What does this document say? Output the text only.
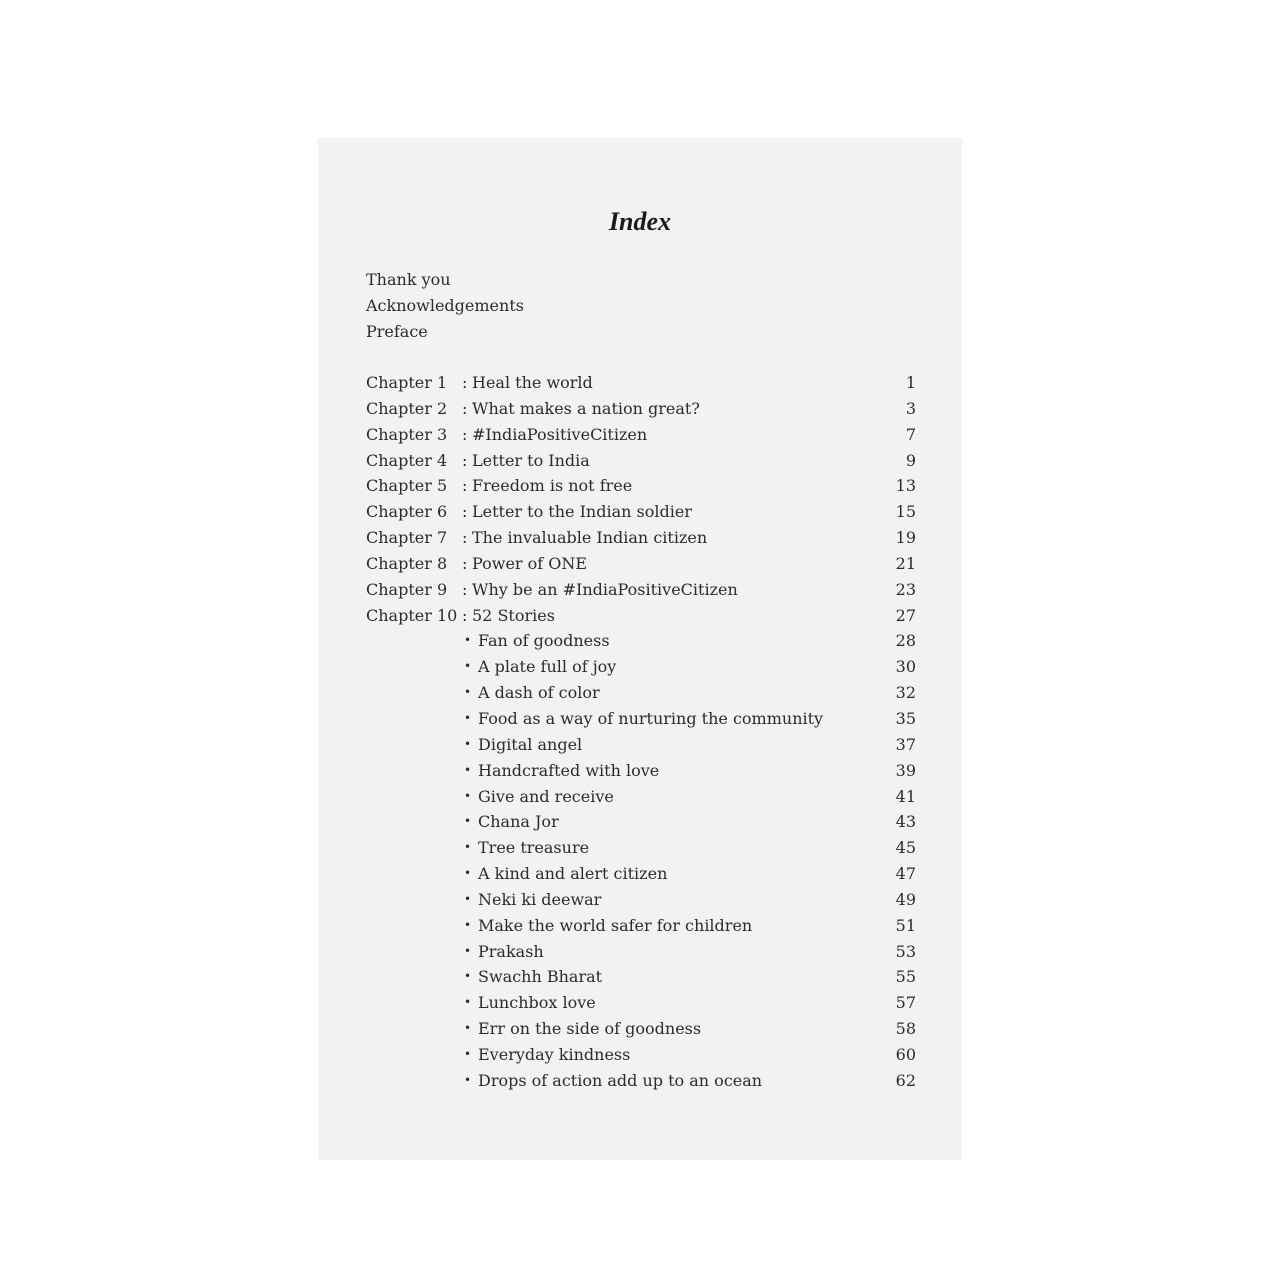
Index
Thank you
Acknowledgements
Preface
Chapter 1 : Heal the world	1
Chapter 2 : What makes a nation great?	3
Chapter 3 : #IndiaPositiveCitizen	7
Chapter 4 : Letter to India	9
Chapter 5 : Freedom is not free	13
Chapter 6 : Letter to the Indian soldier	15
Chapter 7 : The invaluable Indian citizen	19
Chapter 8 : Power of ONE	21
Chapter 9 : Why be an #IndiaPositiveCitizen	23
Chapter 10 : 52 Stories	27
• Fan of goodness	28
• A plate full of joy	30
• A dash of color	32
• Food as a way of nurturing the community	35
• Digital angel	37
• Handcrafted with love	39
• Give and receive	41
• Chana Jor	43
• Tree treasure	45
• A kind and alert citizen	47
• Neki ki deewar	49
• Make the world safer for children	51
• Prakash	53
• Swachh Bharat	55
• Lunchbox love	57
• Err on the side of goodness	58
• Everyday kindness	60
• Drops of action add up to an ocean	62
